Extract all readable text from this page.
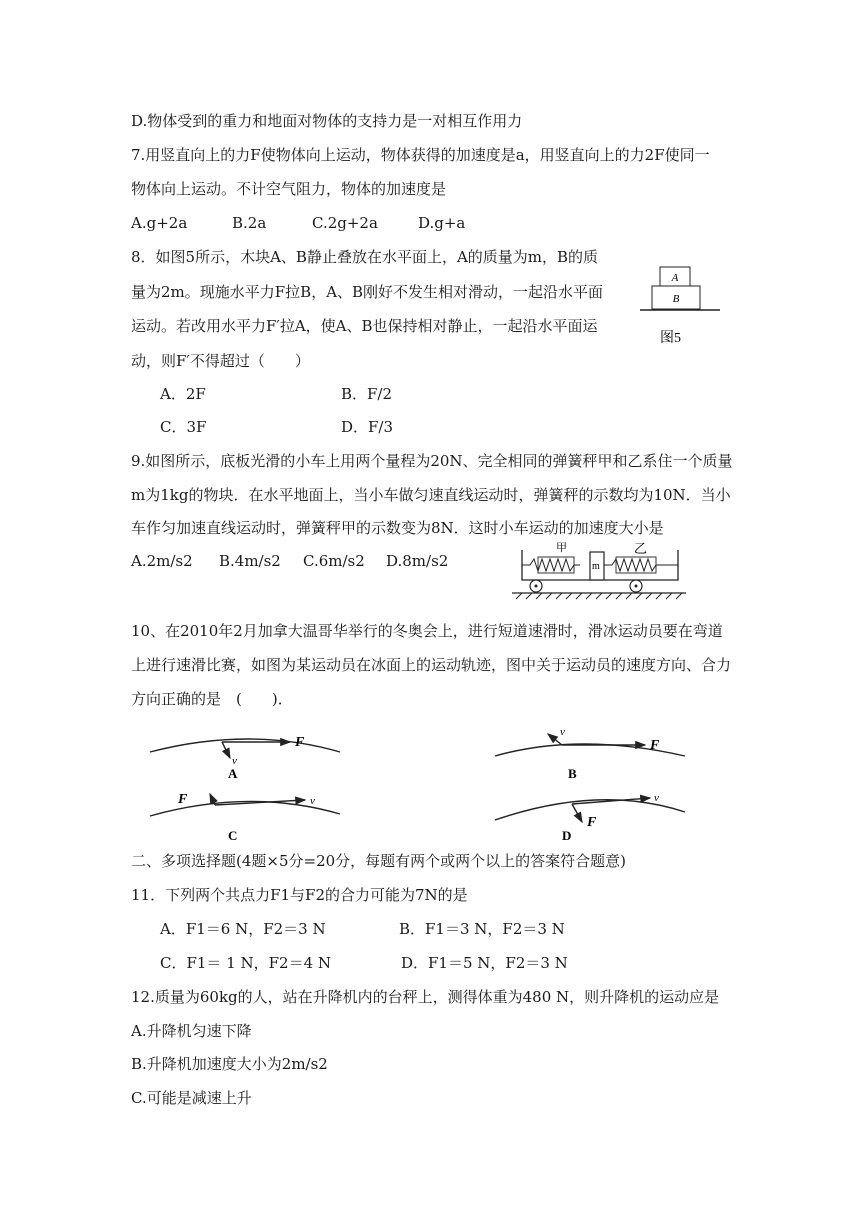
D.物体受到的重力和地面对物体的支持力是一对相互作用力
7.用竖直向上的力F使物体向上运动，物体获得的加速度是a，用竖直向上的力2F使同一
物体向上运动。不计空气阻力，物体的加速度是
A.g+2a	B.2a	C.2g+2a	D.g+a
8．如图5所示，木块A、B静止叠放在水平面上，A的质量为m，B的质
量为2m。现施水平力F拉B，A、B刚好不发生相对滑动，一起沿水平面
运动。若改用水平力F′拉A，使A、B也保持相对静止，一起沿水平面运
动，则F′不得超过（　　）
A．2F	B．F/2
C．3F	D．F/3
A
B
图5
9.如图所示，底板光滑的小车上用两个量程为20N、完全相同的弹簧秤甲和乙系住一个质量
m为1kg的物块．在水平地面上，当小车做匀速直线运动时，弹簧秤的示数均为10N．当小
车作匀加速直线运动时，弹簧秤甲的示数变为8N．这时小车运动的加速度大小是
A.2m/s2 B.4m/s2 C.6m/s2 D.8m/s2
甲	乙
m
10、在2010年2月加拿大温哥华举行的冬奥会上，进行短道速滑时，滑冰运动员要在弯道
上进行速滑比赛，如图为某运动员在冰面上的运动轨迹，图中关于运动员的速度方向、合力
方向正确的是　(　　)．
F
v
A
F
v
B
v
F
C
v
F
D
二、多项选择题(4题×5分=20分，每题有两个或两个以上的答案符合题意)
11．下列两个共点力F1与F2的合力可能为7N的是
A．F1＝6 N，F2＝3 N	B．F1＝3 N，F2＝3 N
C．F1＝ 1 N，F2＝4 N	D．F1＝5 N，F2＝3 N
12.质量为60kg的人，站在升降机内的台秤上，测得体重为480 N，则升降机的运动应是
A.升降机匀速下降
B.升降机加速度大小为2m/s2
C.可能是减速上升
